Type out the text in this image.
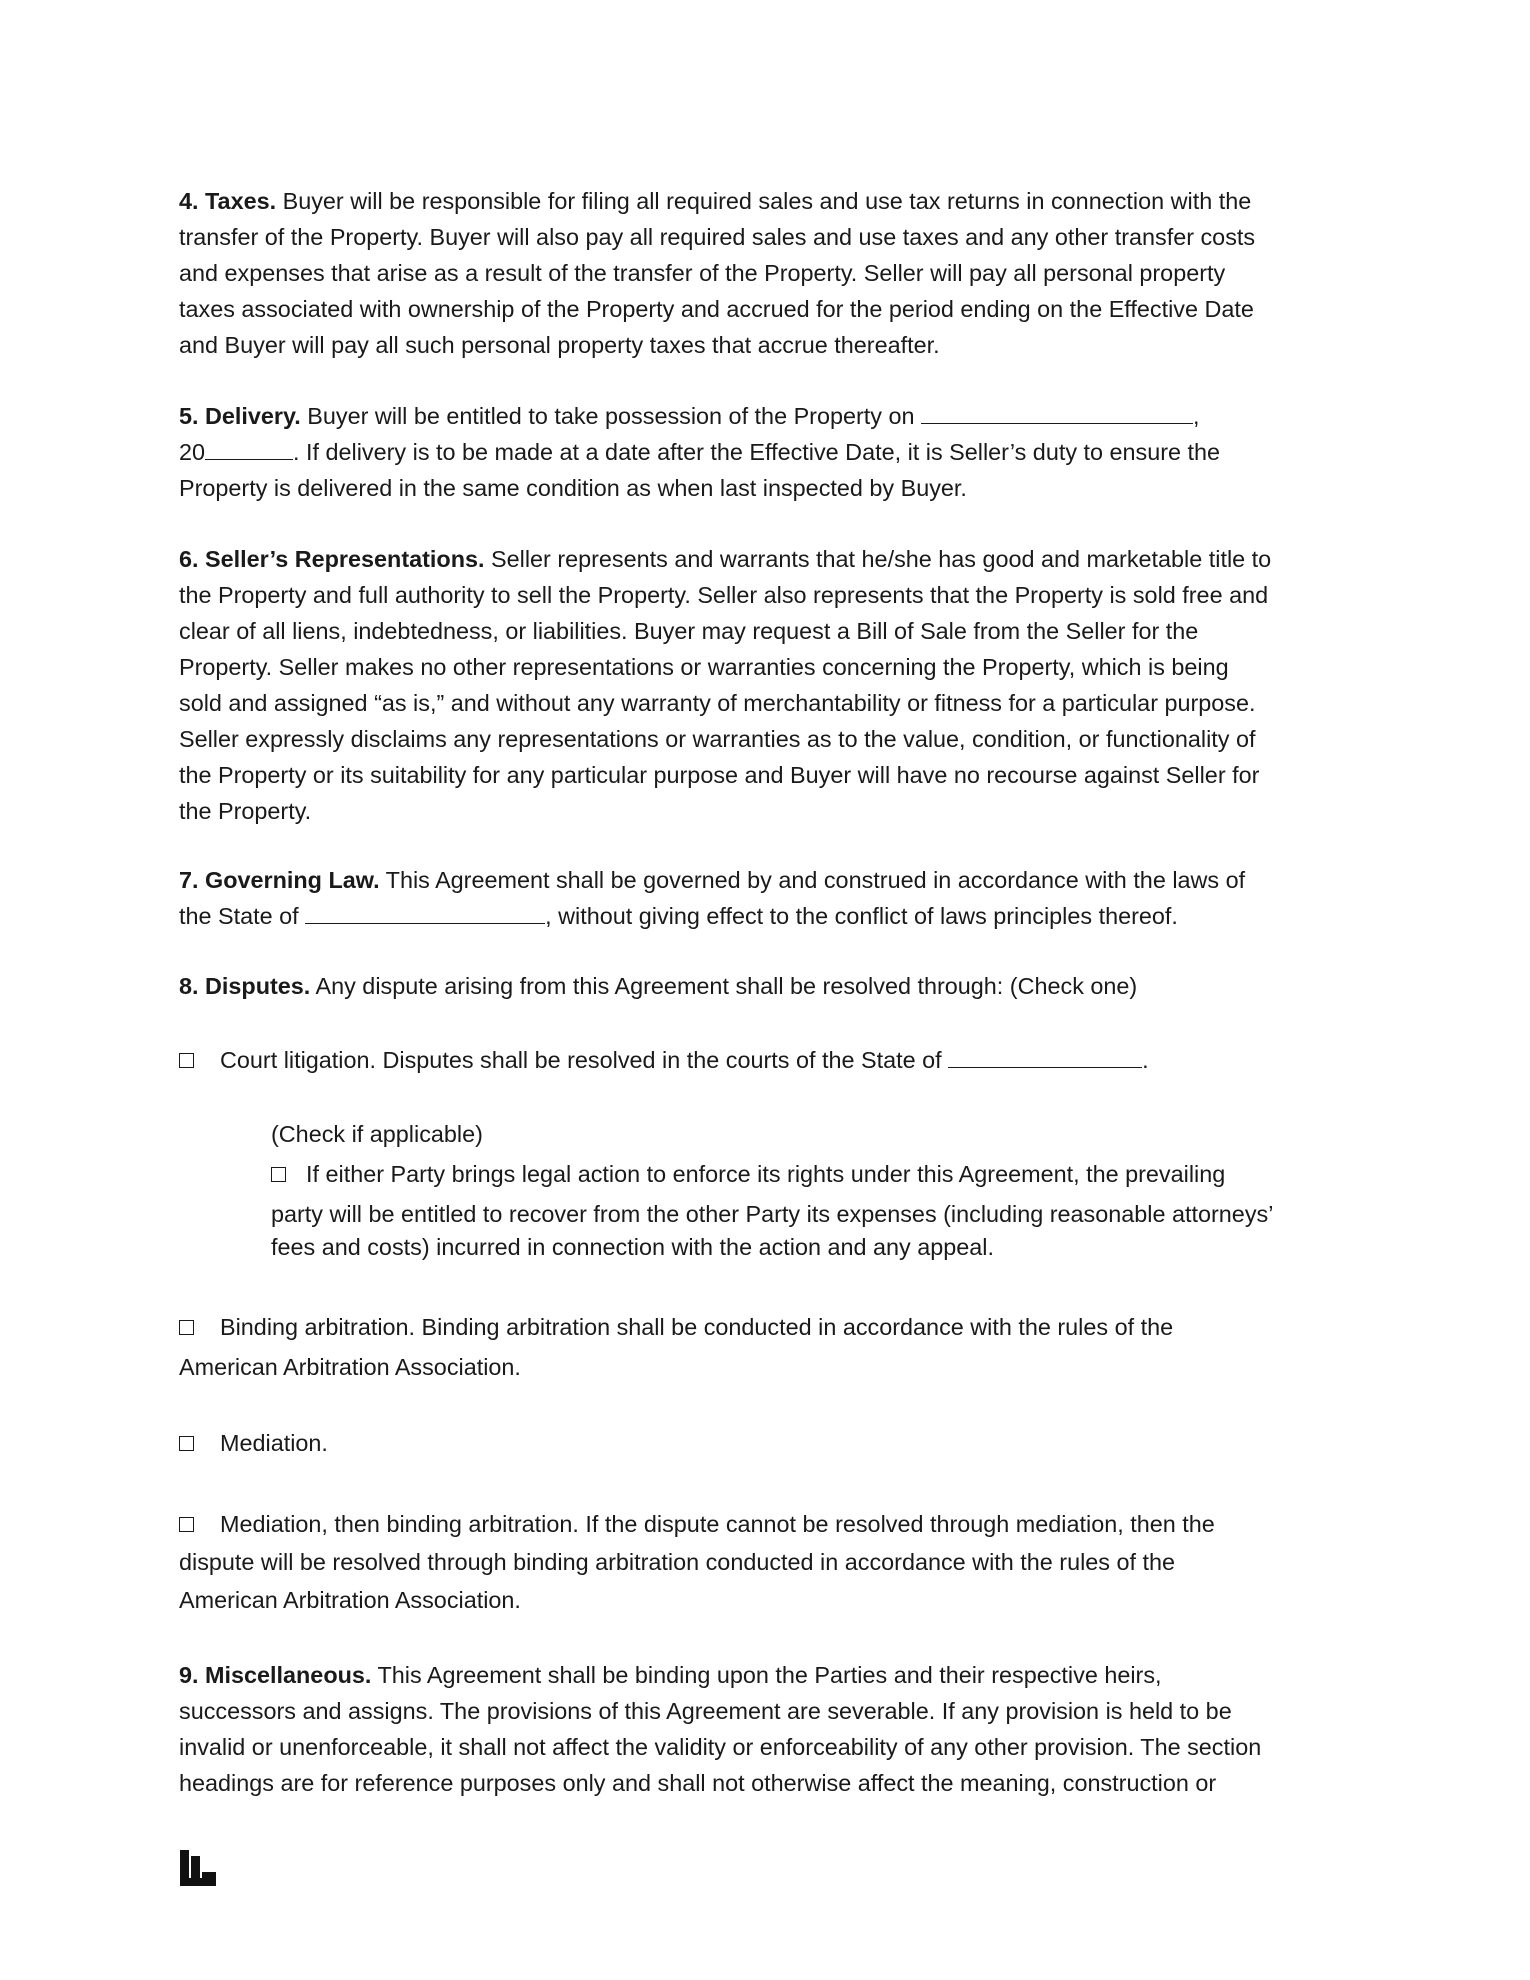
4. Taxes. Buyer will be responsible for filing all required sales and use tax returns in connection with the
transfer of the Property. Buyer will also pay all required sales and use taxes and any other transfer costs
and expenses that arise as a result of the transfer of the Property. Seller will pay all personal property
taxes associated with ownership of the Property and accrued for the period ending on the Effective Date
and Buyer will pay all such personal property taxes that accrue thereafter.

5. Delivery. Buyer will be entitled to take possession of the Property on	,
20	. If delivery is to be made at a date after the Effective Date, it is Seller’s duty to ensure the
Property is delivered in the same condition as when last inspected by Buyer.

6. Seller’s Representations. Seller represents and warrants that he/she has good and marketable title to
the Property and full authority to sell the Property. Seller also represents that the Property is sold free and
clear of all liens, indebtedness, or liabilities. Buyer may request a Bill of Sale from the Seller for the
Property. Seller makes no other representations or warranties concerning the Property, which is being
sold and assigned “as is,” and without any warranty of merchantability or fitness for a particular purpose.
Seller expressly disclaims any representations or warranties as to the value, condition, or functionality of
the Property or its suitability for any particular purpose and Buyer will have no recourse against Seller for
the Property.

7. Governing Law. This Agreement shall be governed by and construed in accordance with the laws of
the State of	, without giving effect to the conflict of laws principles thereof.

8. Disputes. Any dispute arising from this Agreement shall be resolved through: (Check one)

Court litigation. Disputes shall be resolved in the courts of the State of	.

(Check if applicable)

If either Party brings legal action to enforce its rights under this Agreement, the prevailing

party will be entitled to recover from the other Party its expenses (including reasonable attorneys’
fees and costs) incurred in connection with the action and any appeal.

Binding arbitration. Binding arbitration shall be conducted in accordance with the rules of the
American Arbitration Association.

Mediation.

Mediation, then binding arbitration. If the dispute cannot be resolved through mediation, then the
dispute will be resolved through binding arbitration conducted in accordance with the rules of the
American Arbitration Association.

9. Miscellaneous. This Agreement shall be binding upon the Parties and their respective heirs,
successors and assigns. The provisions of this Agreement are severable. If any provision is held to be
invalid or unenforceable, it shall not affect the validity or enforceability of any other provision. The section
headings are for reference purposes only and shall not otherwise affect the meaning, construction or
